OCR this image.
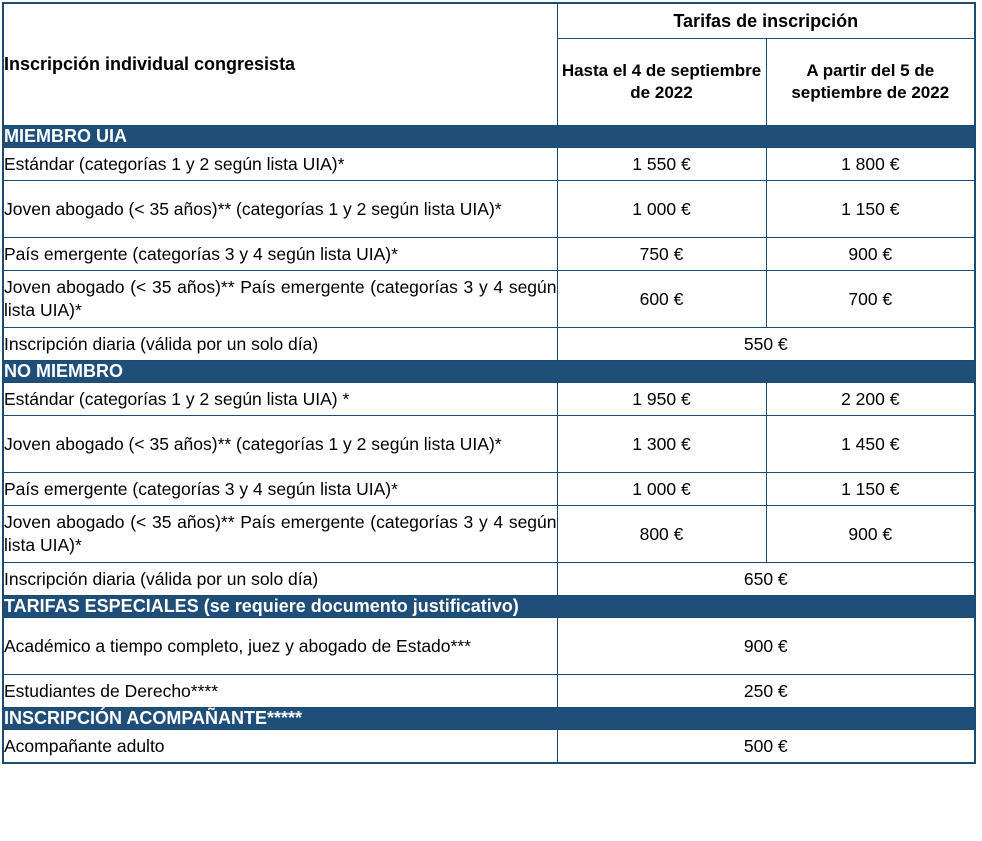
Inscripción individual congresista	Tarifas de inscripción	
	Hasta el 4 de septiembre de 2022	A partir del 5 de septiembre de 2022
MIEMBRO UIA		
Estándar (categorías 1 y 2 según lista UIA)*	1 550 €	1 800 €
Joven abogado (< 35 años)** (categorías 1 y 2 según lista UIA)*	1 000 €	1 150 €
País emergente (categorías 3 y 4 según lista UIA)*	750 €	900 €
Joven abogado (< 35 años)** País emergente (categorías 3 y 4 según lista UIA)*	600 €	700 €
Inscripción diaria (válida por un solo día)	550 €	
NO MIEMBRO		
Estándar (categorías 1 y 2 según lista UIA) *	1 950 €	2 200 €
Joven abogado (< 35 años)** (categorías 1 y 2 según lista UIA)*	1 300 €	1 450 €
País emergente (categorías 3 y 4 según lista UIA)*	1 000 €	1 150 €
Joven abogado (< 35 años)** País emergente (categorías 3 y 4 según lista UIA)*	800 €	900 €
Inscripción diaria (válida por un solo día)	650 €	
TARIFAS ESPECIALES (se requiere documento justificativo)		
Académico a tiempo completo, juez y abogado de Estado***	900 €	
Estudiantes de Derecho****	250 €	
INSCRIPCIÓN ACOMPAÑANTE*****		
Acompañante adulto	500 €	
